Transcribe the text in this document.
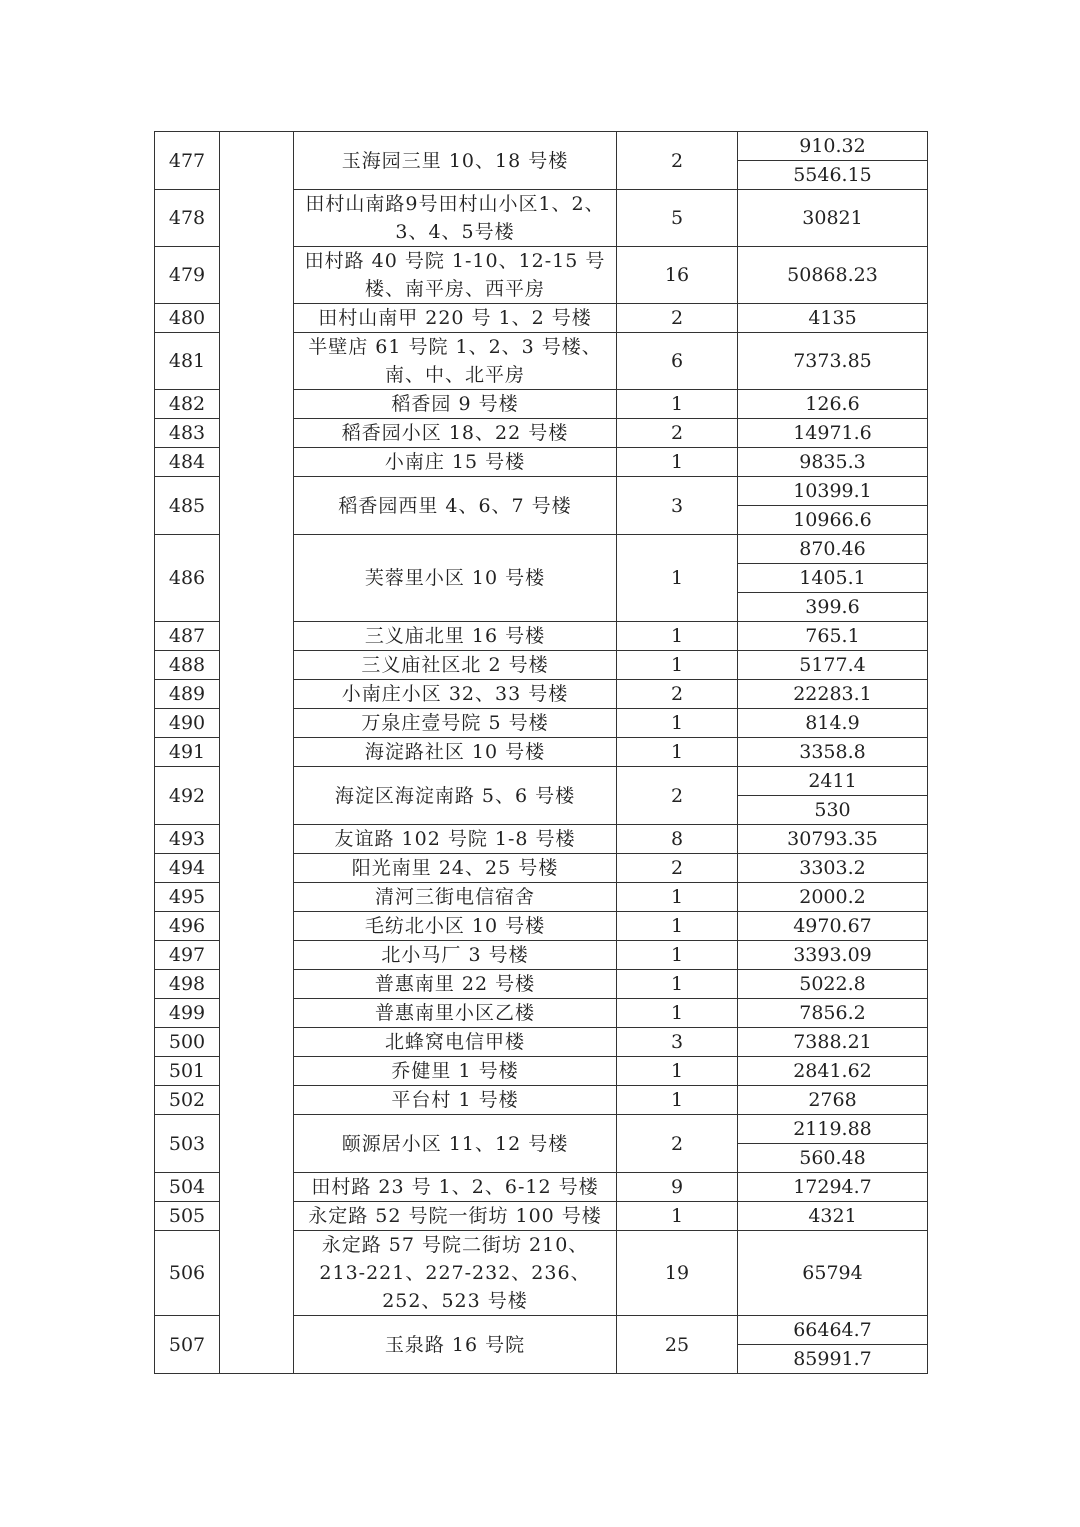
477		玉海园三里 10、18 号楼	2	910.32
				5546.15
478		田村山南路9号田村山小区1、2、3、4、5号楼	5	30821

479		田村路 40 号院 1-10、12-15 号楼、南平房、西平房	16	50868.23

480		田村山南甲 220 号 1、2 号楼	2	4135
481		半壁店 61 号院 1、2、3 号楼、南、中、北平房	6	7373.85

482		稻香园 9 号楼	1	126.6
483		稻香园小区 18、22 号楼	2	14971.6
484		小南庄 15 号楼	1	9835.3
485		稻香园西里 4、6、7 号楼	3	10399.1
				10966.6
486		芙蓉里小区 10 号楼	1	870.46
				1405.1
				399.6
487		三义庙北里 16 号楼	1	765.1
488		三义庙社区北 2 号楼	1	5177.4
489		小南庄小区 32、33 号楼	2	22283.1
490		万泉庄壹号院 5 号楼	1	814.9
491		海淀路社区 10 号楼	1	3358.8
492		海淀区海淀南路 5、6 号楼	2	2411
				530
493		友谊路 102 号院 1-8 号楼	8	30793.35
494		阳光南里 24、25 号楼	2	3303.2
495		清河三街电信宿舍	1	2000.2
496		毛纺北小区 10 号楼	1	4970.67
497		北小马厂 3 号楼	1	3393.09
498		普惠南里 22 号楼	1	5022.8
499		普惠南里小区乙楼	1	7856.2
500		北蜂窝电信甲楼	3	7388.21
501		乔健里 1 号楼	1	2841.62
502		平台村 1 号楼	1	2768
503		颐源居小区 11、12 号楼	2	2119.88
				560.48
504		田村路 23 号 1、2、6-12 号楼	9	17294.7
505		永定路 52 号院一街坊 100 号楼	1	4321
506		永定路 57 号院二街坊 210、213-221、227-232、236、252、523 号楼	19	65794

507		玉泉路 16 号院	25	66464.7
				85991.7
